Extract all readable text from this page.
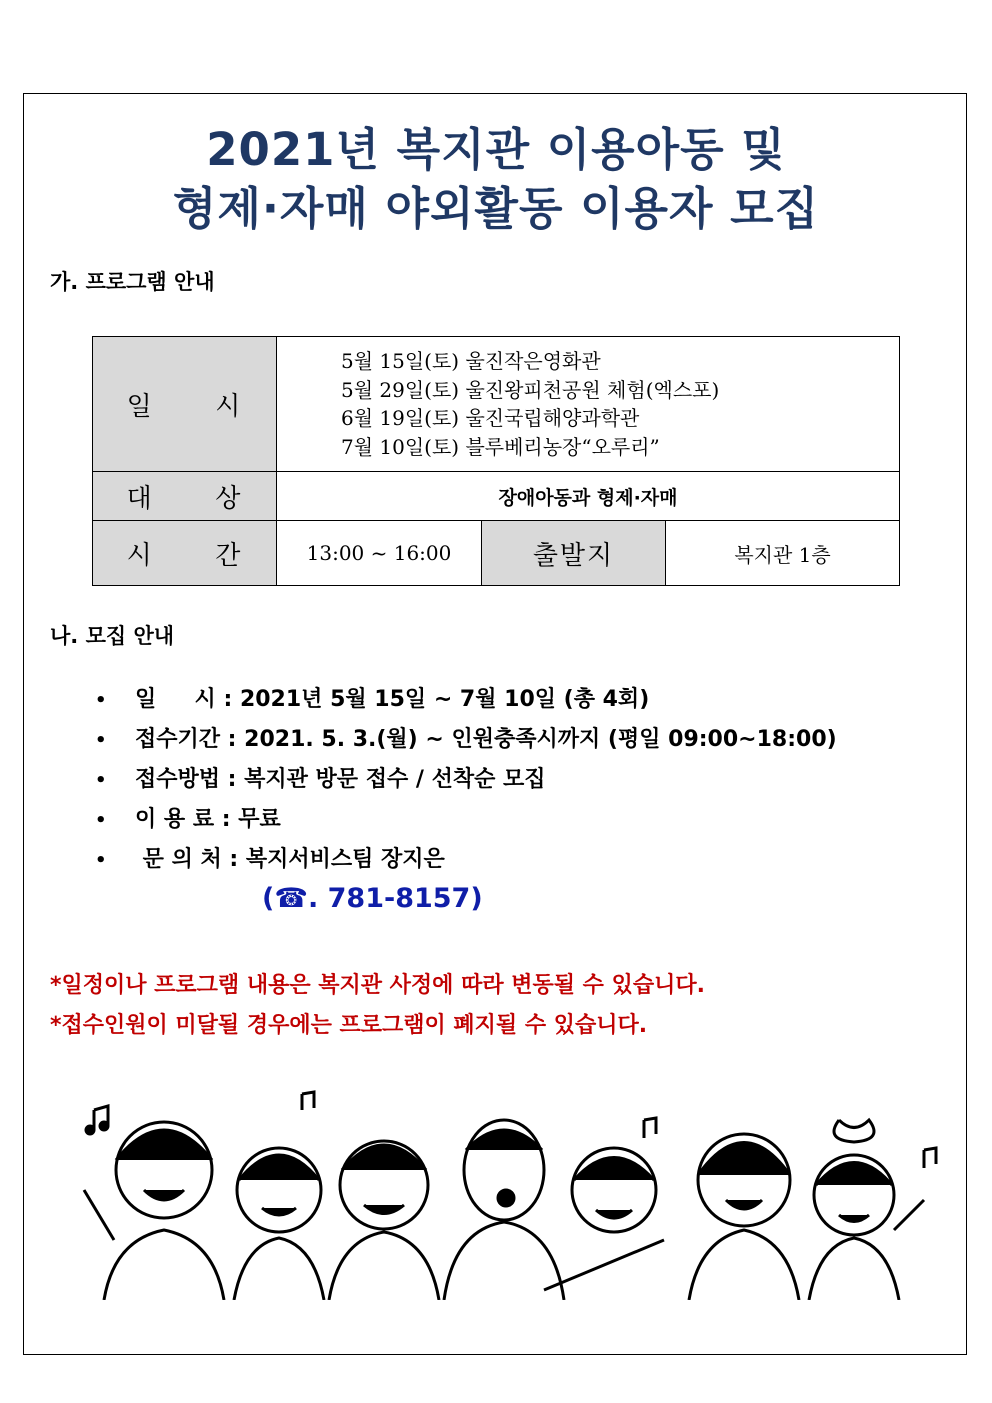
2021년 복지관 이용아동 및
형제·자매 야외활동 이용자 모집
가. 프로그램 안내
일      시	5월 15일(토) 울진작은영화관
5월 29일(토) 울진왕피천공원 체험(엑스포)
6월 19일(토) 울진국립해양과학관
7월 10일(토) 블루베리농장“오루리”		

대      상	장애아동과 형제·자매		
시      간	13:00 ~ 16:00	출발지	복지관 1층
나. 모집 안내
• 일     시 : 2021년 5월 15일 ~ 7월 10일 (총 4회)
• 접수기간 : 2021. 5. 3.(월) ~ 인원충족시까지 (평일 09:00~18:00)
• 접수방법 : 복지관 방문 접수 / 선착순 모집
• 이 용 료 : 무료
• 문 의 처 : 복지서비스팀 장지은
(☎. 781-8157)
*일정이나 프로그램 내용은 복지관 사정에 따라 변동될 수 있습니다.
*접수인원이 미달될 경우에는 프로그램이 폐지될 수 있습니다.
